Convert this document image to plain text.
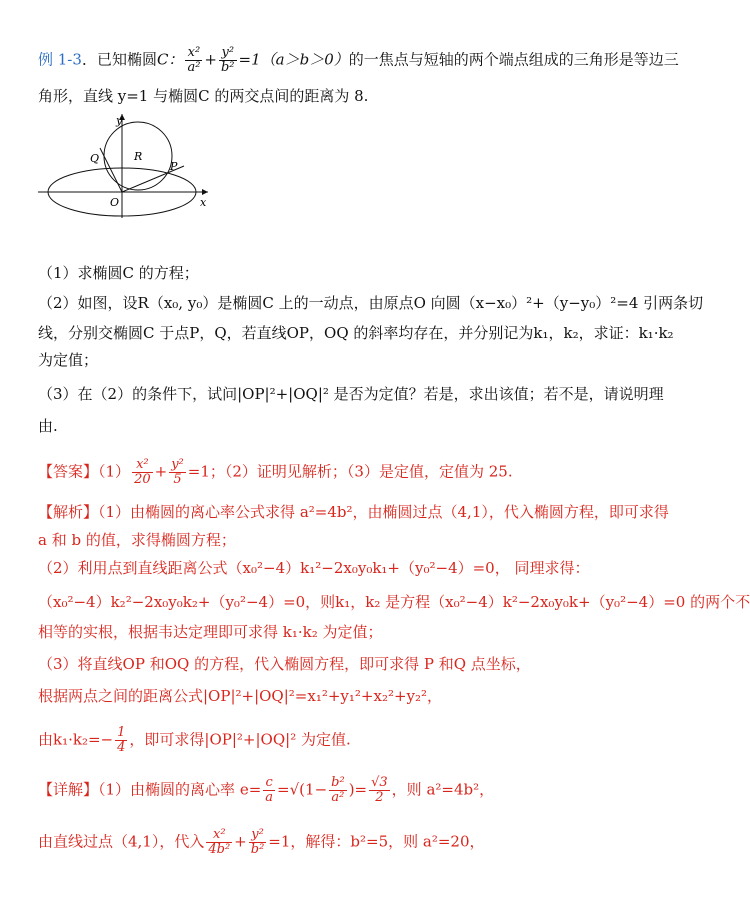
例 1-3．已知椭圆C： $\frac{\text{x²}}{\text{a²}} + \frac{\text{y²}}{\text{b²}} =1(a>b>0)$的一焦点与短轴的两个端点组成的三角形是等边三
角形，直线 y=1 与椭圆C 的两交点间的距离为 8.
y
x
O
Q	R
P
（1）求椭圆C 的方程；
（2）如图，设R（x₀, y₀）是椭圆C 上的一动点，由原点O 向圆（x−x₀）²+（y−y₀）²=4 引两条切
线，分别交椭圆C 于点P，Q，若直线OP，OQ 的斜率均存在，并分别记为k₁，k₂，求证：k₁·k₂
为定值；
（3）在（2）的条件下，试问|OP|²+|OQ|² 是否为定值？若是，求出该值；若不是，请说明理
由.
【答案】$(1) \frac{\text{x²}}{20} + \frac{\text{y²}}{5} =1$；（2）证明见解析；（3）是定值，定值为 25.
【解析】（1）由椭圆的离心率公式求得 a²=4b²，由椭圆过点（4,1），代入椭圆方程，即可求得
a 和 b 的值，求得椭圆方程；
（2）利用点到直线距离公式（x₀²−4）k₁²−2x₀y₀k₁+（y₀²−4）=0， 同理求得：
（x₀²−4）k₂²−2x₀y₀k₂+（y₀²−4）=0，则k₁，k₂ 是方程（x₀²−4）k²−2x₀y₀k+（y₀²−4）=0 的两个不
相等的实根，根据韦达定理即可求得 k₁·k₂ 为定值；
（3）将直线OP 和OQ 的方程，代入椭圆方程，即可求得 P 和Q 点坐标，
根据两点之间的距离公式|OP|²+|OQ|²=x₁²+y₁²+x₂²+y₂²，
由$k_1\cdot k_2=- \frac{1}{4}$ ，即可求得|OP|²+|OQ|² 为定值.
【详解】（1）由椭圆的离心率 $e= \frac{c}{a} =√(1- \frac{\text{b²}}{\text{a²}}$ )= $\frac{√3}{2}$ ，则 a²=4b²，
由直线过点（4,1），代入 $\frac{\text{x²}}{\text{4b²}} + \frac{\text{y²}}{\text{b²}} =1$，解得：b²=5，则 a²=20，
